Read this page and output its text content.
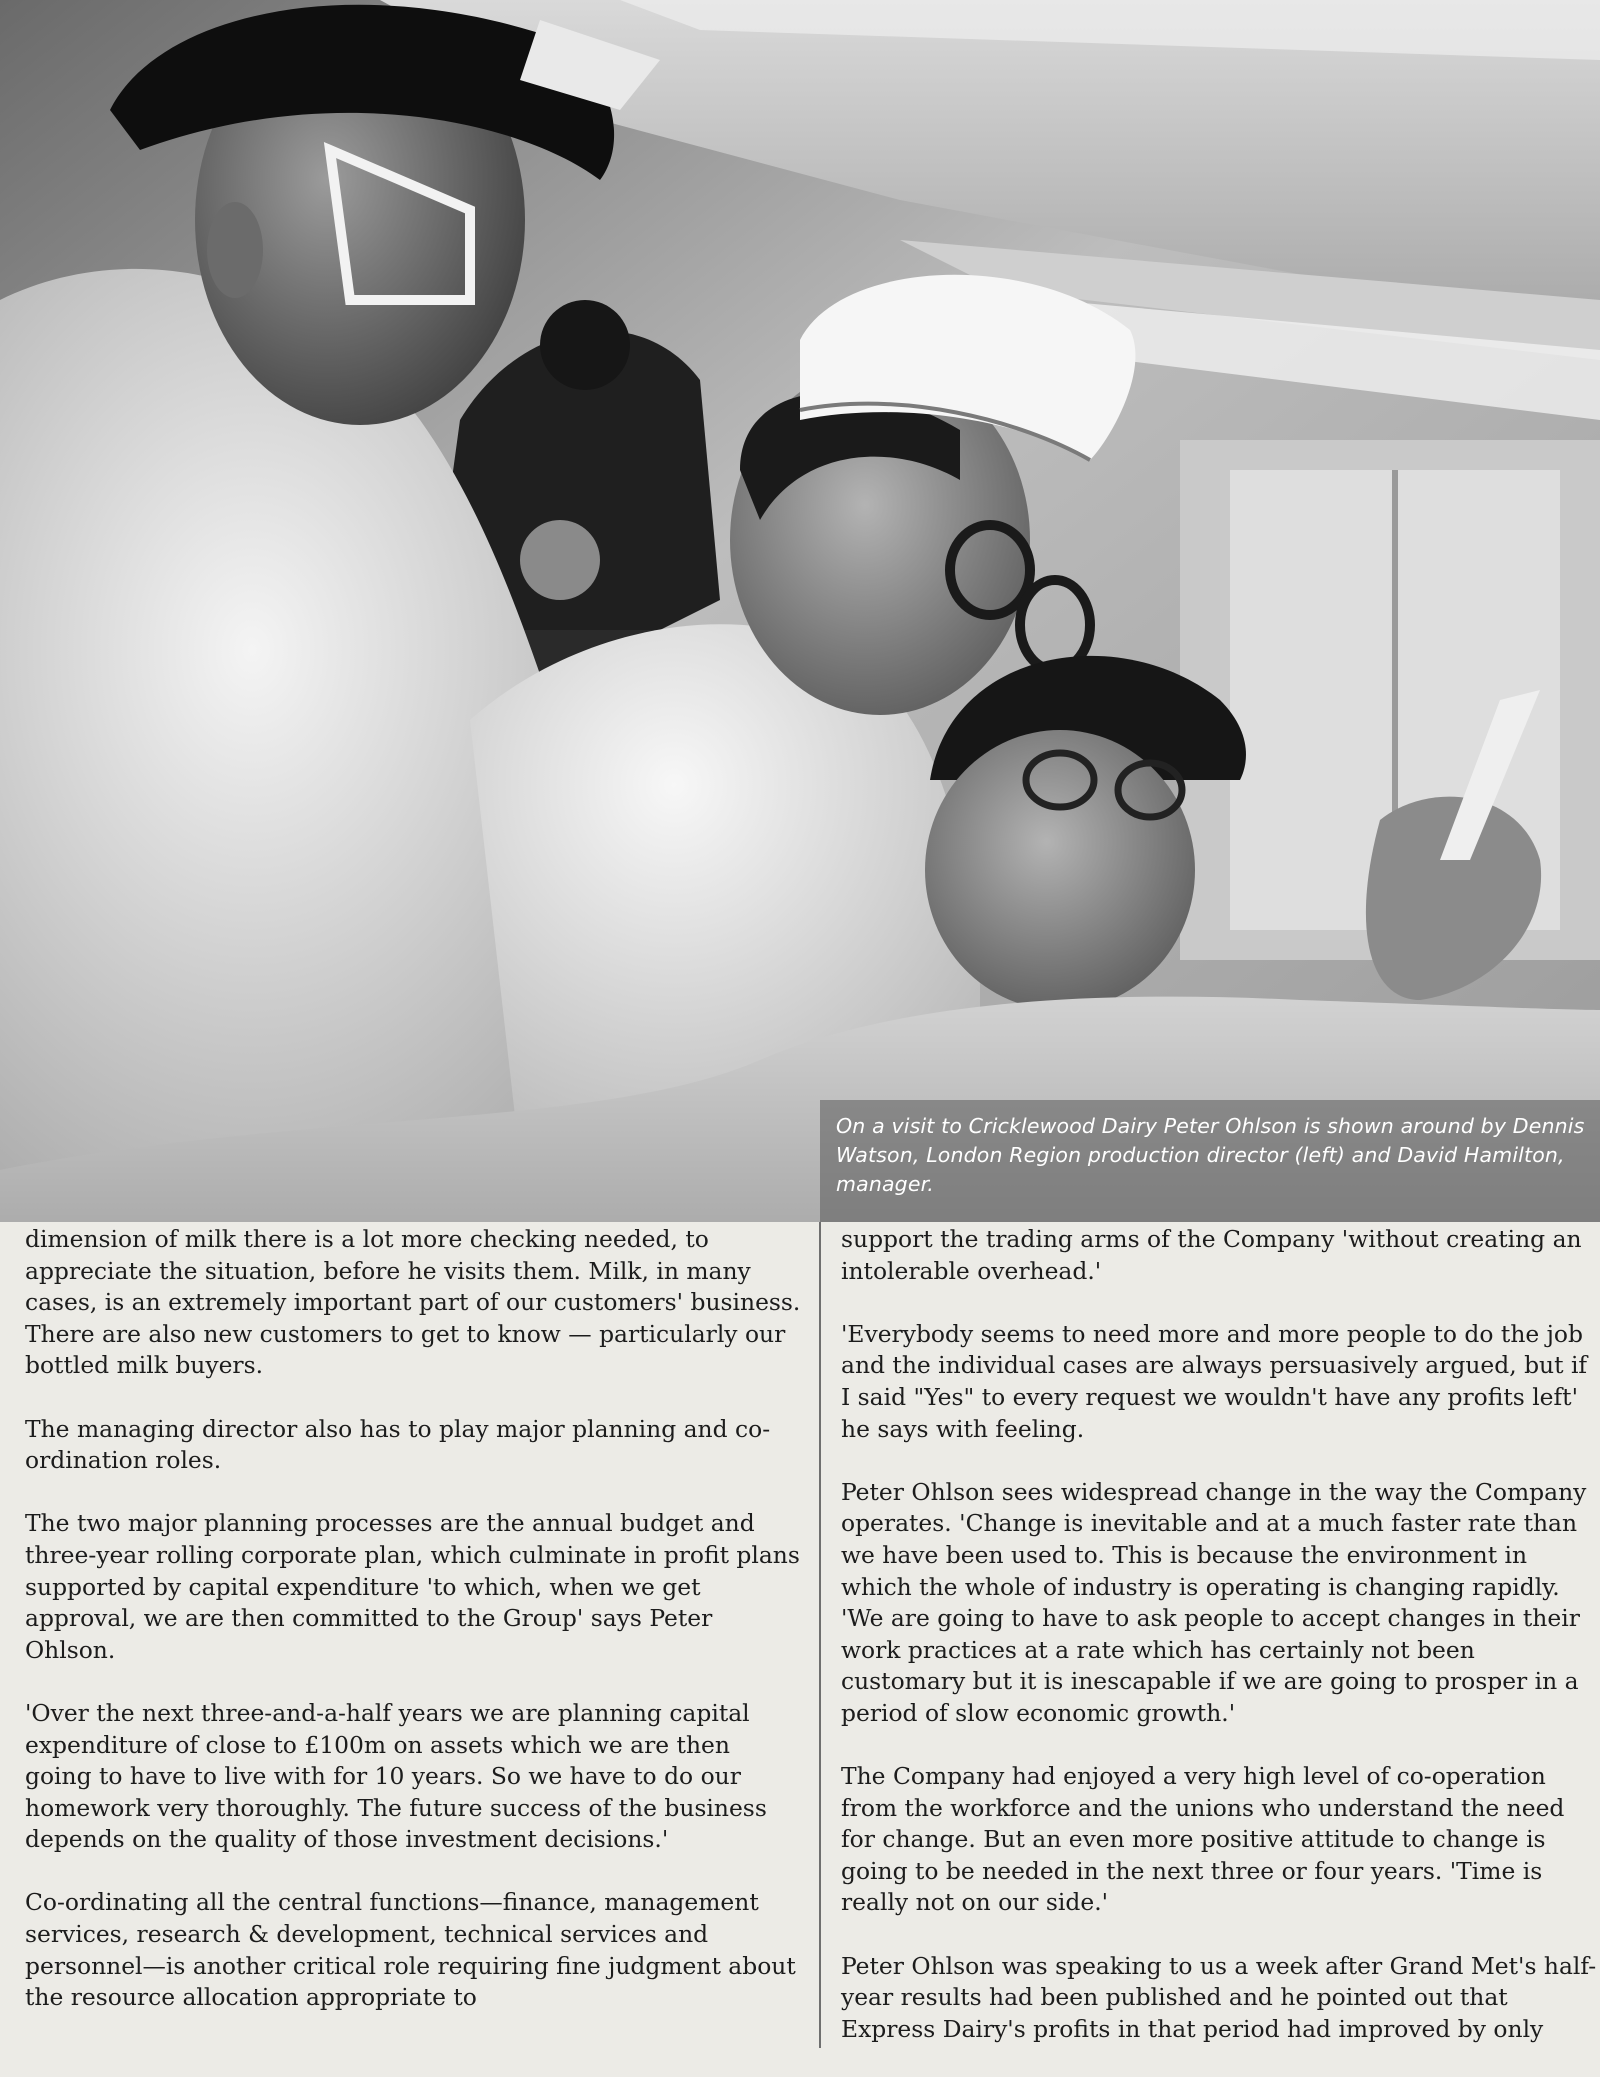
On a visit to Cricklewood Dairy Peter Ohlson is shown around by Dennis Watson, London Region production director (left) and David Hamilton, manager.

dimension of milk there is a lot more checking needed, to appreciate the situation, before he visits them. Milk, in many cases, is an extremely important part of our customers' business. There are also new customers to get to know — particularly our bottled milk buyers.

The managing director also has to play major planning and co-ordination roles.

The two major planning processes are the annual budget and three-year rolling corporate plan, which culminate in profit plans supported by capital expenditure 'to which, when we get approval, we are then committed to the Group' says Peter Ohlson.

'Over the next three-and-a-half years we are planning capital expenditure of close to £100m on assets which we are then going to have to live with for 10 years. So we have to do our homework very thoroughly. The future success of the business depends on the quality of those investment decisions.'

Co-ordinating all the central functions—finance, management services, research & development, technical services and personnel—is another critical role requiring fine judgment about the resource allocation appropriate to

support the trading arms of the Company 'without creating an intolerable overhead.'

'Everybody seems to need more and more people to do the job and the individual cases are always persuasively argued, but if I said "Yes" to every request we wouldn't have any profits left' he says with feeling.

Peter Ohlson sees widespread change in the way the Company operates. 'Change is inevitable and at a much faster rate than we have been used to. This is because the environment in which the whole of industry is operating is changing rapidly. 'We are going to have to ask people to accept changes in their work practices at a rate which has certainly not been customary but it is inescapable if we are going to prosper in a period of slow economic growth.'

The Company had enjoyed a very high level of co-operation from the workforce and the unions who understand the need for change. But an even more positive attitude to change is going to be needed in the next three or four years. 'Time is really not on our side.'

Peter Ohlson was speaking to us a week after Grand Met's half-year results had been published and he pointed out that Express Dairy's profits in that period had improved by only
